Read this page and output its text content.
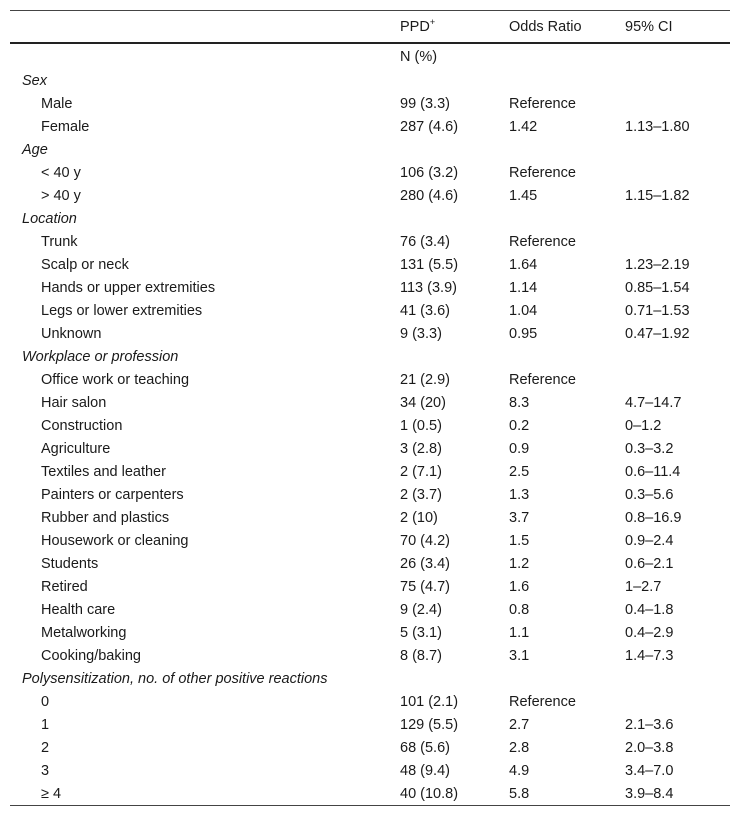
	PPD+	Odds Ratio	95% CI
	N (%)		
Sex			
Male	99 (3.3)	Reference	
Female	287 (4.6)	1.42	1.13–1.80
Age			
< 40 y	106 (3.2)	Reference	
> 40 y	280 (4.6)	1.45	1.15–1.82
Location			
Trunk	76 (3.4)	Reference	
Scalp or neck	131 (5.5)	1.64	1.23–2.19
Hands or upper extremities	113 (3.9)	1.14	0.85–1.54
Legs or lower extremities	41 (3.6)	1.04	0.71–1.53
Unknown	9 (3.3)	0.95	0.47–1.92
Workplace or profession			
Office work or teaching	21 (2.9)	Reference	
Hair salon	34 (20)	8.3	4.7–14.7
Construction	1 (0.5)	0.2	0–1.2
Agriculture	3 (2.8)	0.9	0.3–3.2
Textiles and leather	2 (7.1)	2.5	0.6–11.4
Painters or carpenters	2 (3.7)	1.3	0.3–5.6
Rubber and plastics	2 (10)	3.7	0.8–16.9
Housework or cleaning	70 (4.2)	1.5	0.9–2.4
Students	26 (3.4)	1.2	0.6–2.1
Retired	75 (4.7)	1.6	1–2.7
Health care	9 (2.4)	0.8	0.4–1.8
Metalworking	5 (3.1)	1.1	0.4–2.9
Cooking/baking	8 (8.7)	3.1	1.4–7.3
Polysensitization, no. of other positive reactions			
0	101 (2.1)	Reference	
1	129 (5.5)	2.7	2.1–3.6
2	68 (5.6)	2.8	2.0–3.8
3	48 (9.4)	4.9	3.4–7.0
≥ 4	40 (10.8)	5.8	3.9–8.4
